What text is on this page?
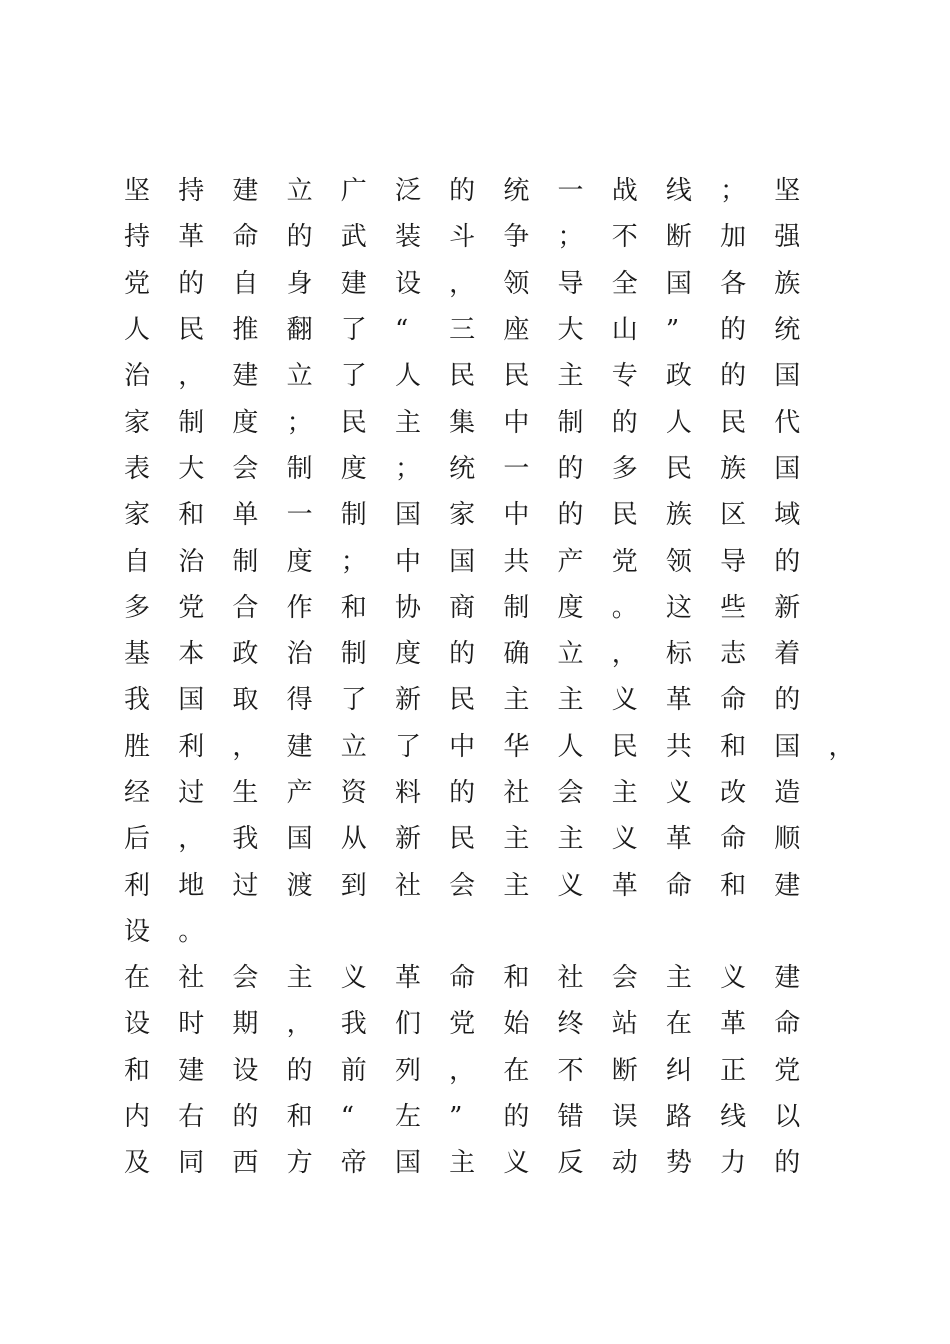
坚	持	建	立	广	泛	的	统	一	战	线	；	坚
持	革	命	的	武	装	斗	争	；	不	断	加	强
党	的	自	身	建	设	，	领	导	全	国	各	族
人	民	推	翻	了	“	三	座	大	山	”	的	统
治	，	建	立	了	人	民	民	主	专	政	的	国
家	制	度	；	民	主	集	中	制	的	人	民	代
表	大	会	制	度	；	统	一	的	多	民	族	国
家	和	单	一	制	国	家	中	的	民	族	区	域
自	治	制	度	；	中	国	共	产	党	领	导	的
多	党	合	作	和	协	商	制	度	。	这	些	新
基	本	政	治	制	度	的	确	立	，	标	志	着
我	国	取	得	了	新	民	主	主	义	革	命	的
胜	利	，	建	立	了	中	华	人	民	共	和	国	，
经	过	生	产	资	料	的	社	会	主	义	改	造
后	，	我	国	从	新	民	主	主	义	革	命	顺
利	地	过	渡	到	社	会	主	义	革	命	和	建
设	。
在	社	会	主	义	革	命	和	社	会	主	义	建
设	时	期	，	我	们	党	始	终	站	在	革	命
和	建	设	的	前	列	，	在	不	断	纠	正	党
内	右	的	和	“	左	”	的	错	误	路	线	以
及	同	西	方	帝	国	主	义	反	动	势	力	的
